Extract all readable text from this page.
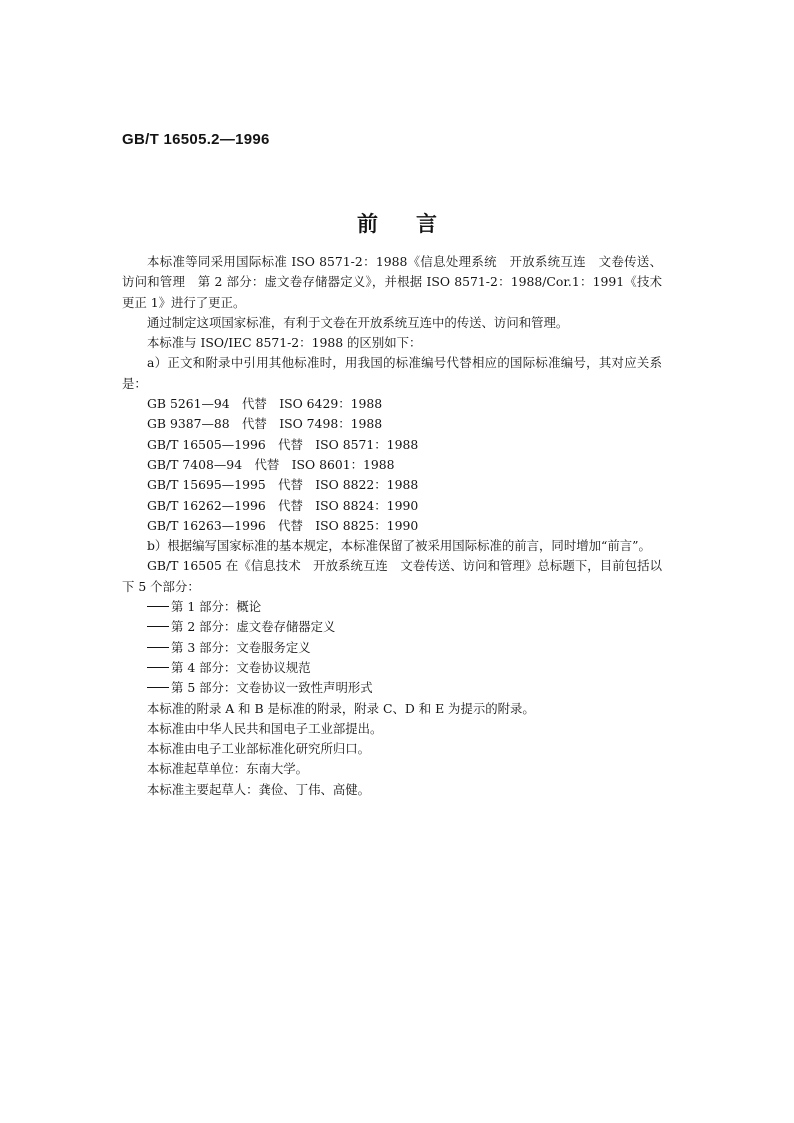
GB/T 16505.2—1996
前言

本标准等同采用国际标准 ISO 8571-2：1988《信息处理系统　开放系统互连　文卷传送、访问和管理　第 2 部分：虚文卷存储器定义》，并根据 ISO 8571-2：1988/Cor.1：1991《技术更正 1》进行了更正。

通过制定这项国家标准，有利于文卷在开放系统互连中的传送、访问和管理。

本标准与 ISO/IEC 8571-2：1988 的区别如下：

a）正文和附录中引用其他标准时，用我国的标准编号代替相应的国际标准编号，其对应关系是：

GB 5261—94　代替　ISO 6429：1988

GB 9387—88　代替　ISO 7498：1988

GB/T 16505—1996　代替　ISO 8571：1988

GB/T 7408—94　代替　ISO 8601：1988

GB/T 15695—1995　代替　ISO 8822：1988

GB/T 16262—1996　代替　ISO 8824：1990

GB/T 16263—1996　代替　ISO 8825：1990

b）根据编写国家标准的基本规定，本标准保留了被采用国际标准的前言，同时增加“前言”。

GB/T 16505 在《信息技术　开放系统互连　文卷传送、访问和管理》总标题下，目前包括以下 5 个部分：

第 1 部分：概论

第 2 部分：虚文卷存储器定义

第 3 部分：文卷服务定义

第 4 部分：文卷协议规范

第 5 部分：文卷协议一致性声明形式

本标准的附录 A 和 B 是标准的附录，附录 C、D 和 E 为提示的附录。

本标准由中华人民共和国电子工业部提出。

本标准由电子工业部标准化研究所归口。

本标准起草单位：东南大学。

本标准主要起草人：龚俭、丁伟、高健。
